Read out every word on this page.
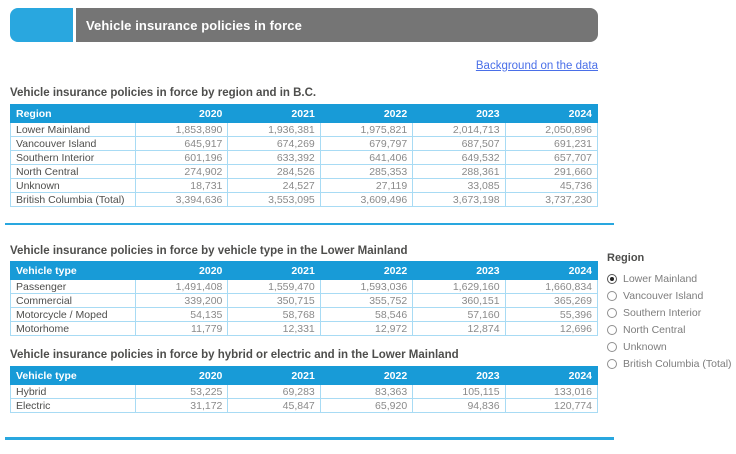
Vehicle insurance policies in force
Background on the data
Vehicle insurance policies in force by region and in B.C.
Region	2020	2021	2022	2023	2024
Lower Mainland	1,853,890	1,936,381	1,975,821	2,014,713	2,050,896
Vancouver Island	645,917	674,269	679,797	687,507	691,231
Southern Interior	601,196	633,392	641,406	649,532	657,707
North Central	274,902	284,526	285,353	288,361	291,660
Unknown	18,731	24,527	27,119	33,085	45,736
British Columbia (Total)	3,394,636	3,553,095	3,609,496	3,673,198	3,737,230
Vehicle insurance policies in force by vehicle type in the Lower Mainland
Vehicle type	2020	2021	2022	2023	2024
Passenger	1,491,408	1,559,470	1,593,036	1,629,160	1,660,834
Commercial	339,200	350,715	355,752	360,151	365,269
Motorcycle / Moped	54,135	58,768	58,546	57,160	55,396
Motorhome	11,779	12,331	12,972	12,874	12,696
Vehicle insurance policies in force by hybrid or electric and in the Lower Mainland
Vehicle type	2020	2021	2022	2023	2024
Hybrid	53,225	69,283	83,363	105,115	133,016
Electric	31,172	45,847	65,920	94,836	120,774
Region
Lower Mainland
Vancouver Island
Southern Interior
North Central
Unknown
British Columbia (Total)
